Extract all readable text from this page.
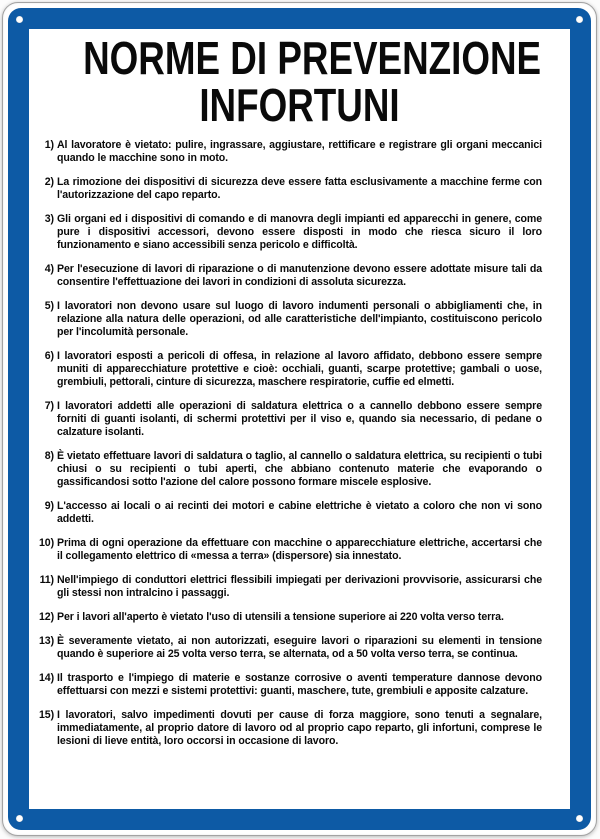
NORME DI PREVENZIONE
INFORTUNI
1) Al lavoratore è vietato: pulire, ingrassare, aggiustare, rettificare e registrare gli organi meccanici quando le macchine sono in moto.
2) La rimozione dei dispositivi di sicurezza deve essere fatta esclusivamente a macchine ferme con l'autorizzazione del capo reparto.
3) Gli organi ed i dispositivi di comando e di manovra degli impianti ed apparecchi in genere, come pure i dispositivi accessori, devono essere disposti in modo che riesca sicuro il loro funzionamento e siano accessibili senza pericolo e difficoltà.
4) Per l'esecuzione di lavori di riparazione o di manutenzione devono essere adottate misure tali da consentire l'effettuazione dei lavori in condizioni di assoluta sicurezza.
5) I lavoratori non devono usare sul luogo di lavoro indumenti personali o abbigliamenti che, in relazione alla natura delle operazioni, od alle caratteristiche dell'impianto, costituiscono pericolo per l'incolumità personale.
6) I lavoratori esposti a pericoli di offesa, in relazione al lavoro affidato, debbono essere sempre muniti di apparecchiature protettive e cioè: occhiali, guanti, scarpe protettive; gambali o uose, grembiuli, pettorali, cinture di sicurezza, maschere respiratorie, cuffie ed elmetti.
7) I lavoratori addetti alle operazioni di saldatura elettrica o a cannello debbono essere sempre forniti di guanti isolanti, di schermi protettivi per il viso e, quando sia necessario, di pedane o calzature isolanti.
8) È vietato effettuare lavori di saldatura o taglio, al cannello o saldatura elettrica, su recipienti o tubi chiusi o su recipienti o tubi aperti, che abbiano contenuto materie che evaporando o gassificandosi sotto l'azione del calore possono formare miscele esplosive.
9) L'accesso ai locali o ai recinti dei motori e cabine elettriche è vietato a coloro che non vi sono addetti.
10) Prima di ogni operazione da effettuare con macchine o apparecchiature elettriche, accertarsi che il collegamento elettrico di «messa a terra» (dispersore) sia innestato.
11) Nell'impiego di conduttori elettrici flessibili impiegati per derivazioni provvisorie, assicurarsi che gli stessi non intralcino i passaggi.
12) Per i lavori all'aperto è vietato l'uso di utensili a tensione superiore ai 220 volta verso terra.
13) È severamente vietato, ai non autorizzati, eseguire lavori o riparazioni su elementi in tensione quando è superiore ai 25 volta verso terra, se alternata, od a 50 volta verso terra, se continua.
14) Il trasporto e l'impiego di materie e sostanze corrosive o aventi temperature dannose devono effettuarsi con mezzi e sistemi protettivi: guanti, maschere, tute, grembiuli e apposite calzature.
15) I lavoratori, salvo impedimenti dovuti per cause di forza maggiore, sono tenuti a segnalare, immediatamente, al proprio datore di lavoro od al proprio capo reparto, gli infortuni, comprese le lesioni di lieve entità, loro occorsi in occasione di lavoro.
